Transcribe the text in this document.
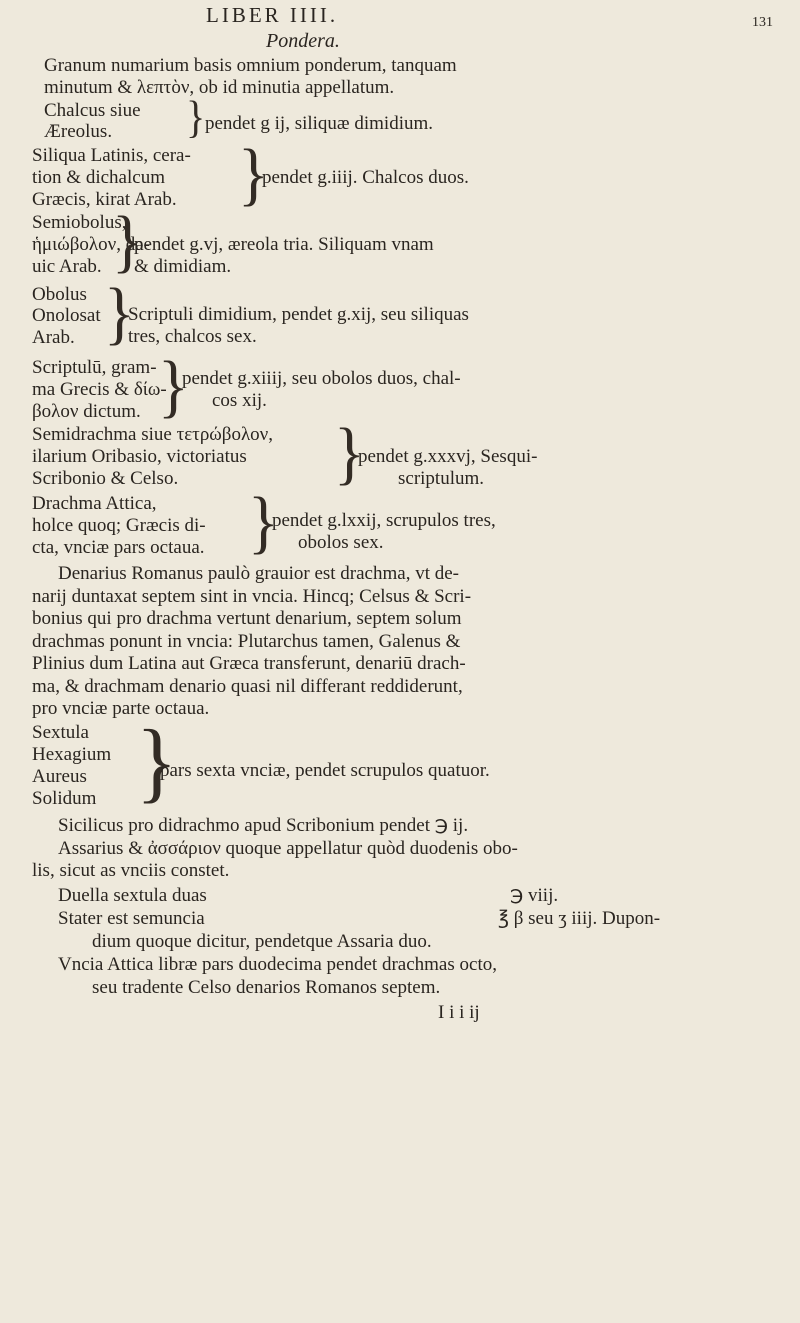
LIBER IIII.	131
Pondera.
Granum numarium basis omnium ponderum, tanquam
minutum & λεπτὸν, ob id minutia appellatum.
Chalcus siue
Æreolus. } pendet g ij, siliquæ dimidium.
Siliqua Latinis, cera-
tion & dichalcum
Græcis, kirat Arab. }
pendet g.iiij. Chalcos duos.
Semiobolus,
ἡμιώβολον, da-
uic Arab. }
pendet g.vj, æreola tria. Siliquam vnam
& dimidiam.
Obolus
Onolosat
Arab. }
Scriptuli dimidium, pendet g.xij, seu siliquas
tres, chalcos sex.
Scriptulū, gram-
ma Grecis & δίω-
βολον dictum. }
pendet g.xiiij, seu obolos duos, chal-
cos xij.
Semidrachma siue τετρώβολον,
ilarium Oribasio, victoriatus
Scribonio & Celso. }
pendet g.xxxvj, Sesqui-
scriptulum.
Drachma Attica,
holce quoq; Græcis di-
cta, vnciæ pars octaua. }
pendet g.lxxij, scrupulos tres,
obolos sex.
Denarius Romanus paulò grauior est drachma, vt de-
narij duntaxat septem sint in vncia. Hincq; Celsus & Scri-
bonius qui pro drachma vertunt denarium, septem solum
drachmas ponunt in vncia: Plutarchus tamen, Galenus &
Plinius dum Latina aut Græca transferunt, denariū drach-
ma, & drachmam denario quasi nil differant reddiderunt,
pro vnciæ parte octaua.
Sextula
Hexagium
Aureus
Solidum }
pars sexta vnciæ, pendet scrupulos quatuor.
Sicilicus pro didrachmo apud Scribonium pendet ℈ ij.
Assarius & ἀσσάριον quoque appellatur quòd duodenis obo-
lis, sicut as vnciis constet.
Duella sextula duas	℈ viij.
Stater est semuncia	℥ β seu ʒ iiij. Dupon-
dium quoque dicitur, pendetque Assaria duo.
Vncia Attica libræ pars duodecima pendet drachmas octo,
seu tradente Celso denarios Romanos septem.
I i i ij
